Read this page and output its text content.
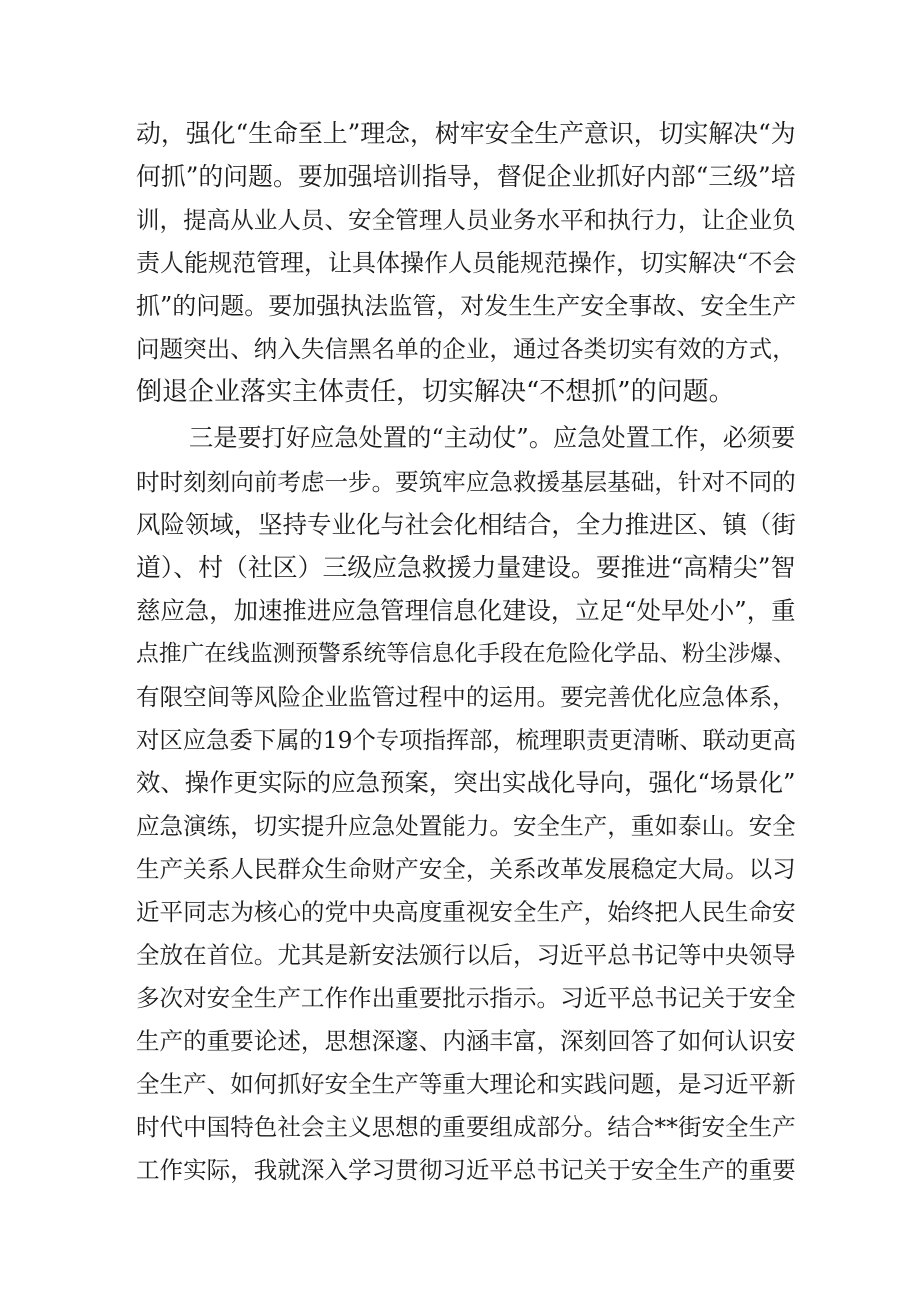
动，强化“生命至上”理念，树牢安全生产意识，切实解决“为
何抓”的问题。要加强培训指导，督促企业抓好内部“三级”培
训，提高从业人员、安全管理人员业务水平和执行力，让企业负
责人能规范管理，让具体操作人员能规范操作，切实解决“不会
抓”的问题。要加强执法监管，对发生生产安全事故、安全生产
问题突出、纳入失信黑名单的企业，通过各类切实有效的方式，
倒退企业落实主体责任，切实解决“不想抓”的问题。
三是要打好应急处置的“主动仗”。应急处置工作，必须要
时时刻刻向前考虑一步。要筑牢应急救援基层基础，针对不同的
风险领域，坚持专业化与社会化相结合，全力推进区、镇（街
道）、村（社区）三级应急救援力量建设。要推进“高精尖”智
慈应急，加速推进应急管理信息化建设，立足“处早处小”，重
点推广在线监测预警系统等信息化手段在危险化学品、粉尘涉爆、
有限空间等风险企业监管过程中的运用。要完善优化应急体系，
对区应急委下属的19个专项指挥部，梳理职责更清晰、联动更高
效、操作更实际的应急预案，突出实战化导向，强化“场景化”
应急演练，切实提升应急处置能力。安全生产，重如泰山。安全
生产关系人民群众生命财产安全，关系改革发展稳定大局。以习
近平同志为核心的党中央高度重视安全生产，始终把人民生命安
全放在首位。尤其是新安法颁行以后，习近平总书记等中央领导
多次对安全生产工作作出重要批示指示。习近平总书记关于安全
生产的重要论述，思想深邃、内涵丰富，深刻回答了如何认识安
全生产、如何抓好安全生产等重大理论和实践问题，是习近平新
时代中国特色社会主义思想的重要组成部分。结合**街安全生产
工作实际，我就深入学习贯彻习近平总书记关于安全生产的重要
